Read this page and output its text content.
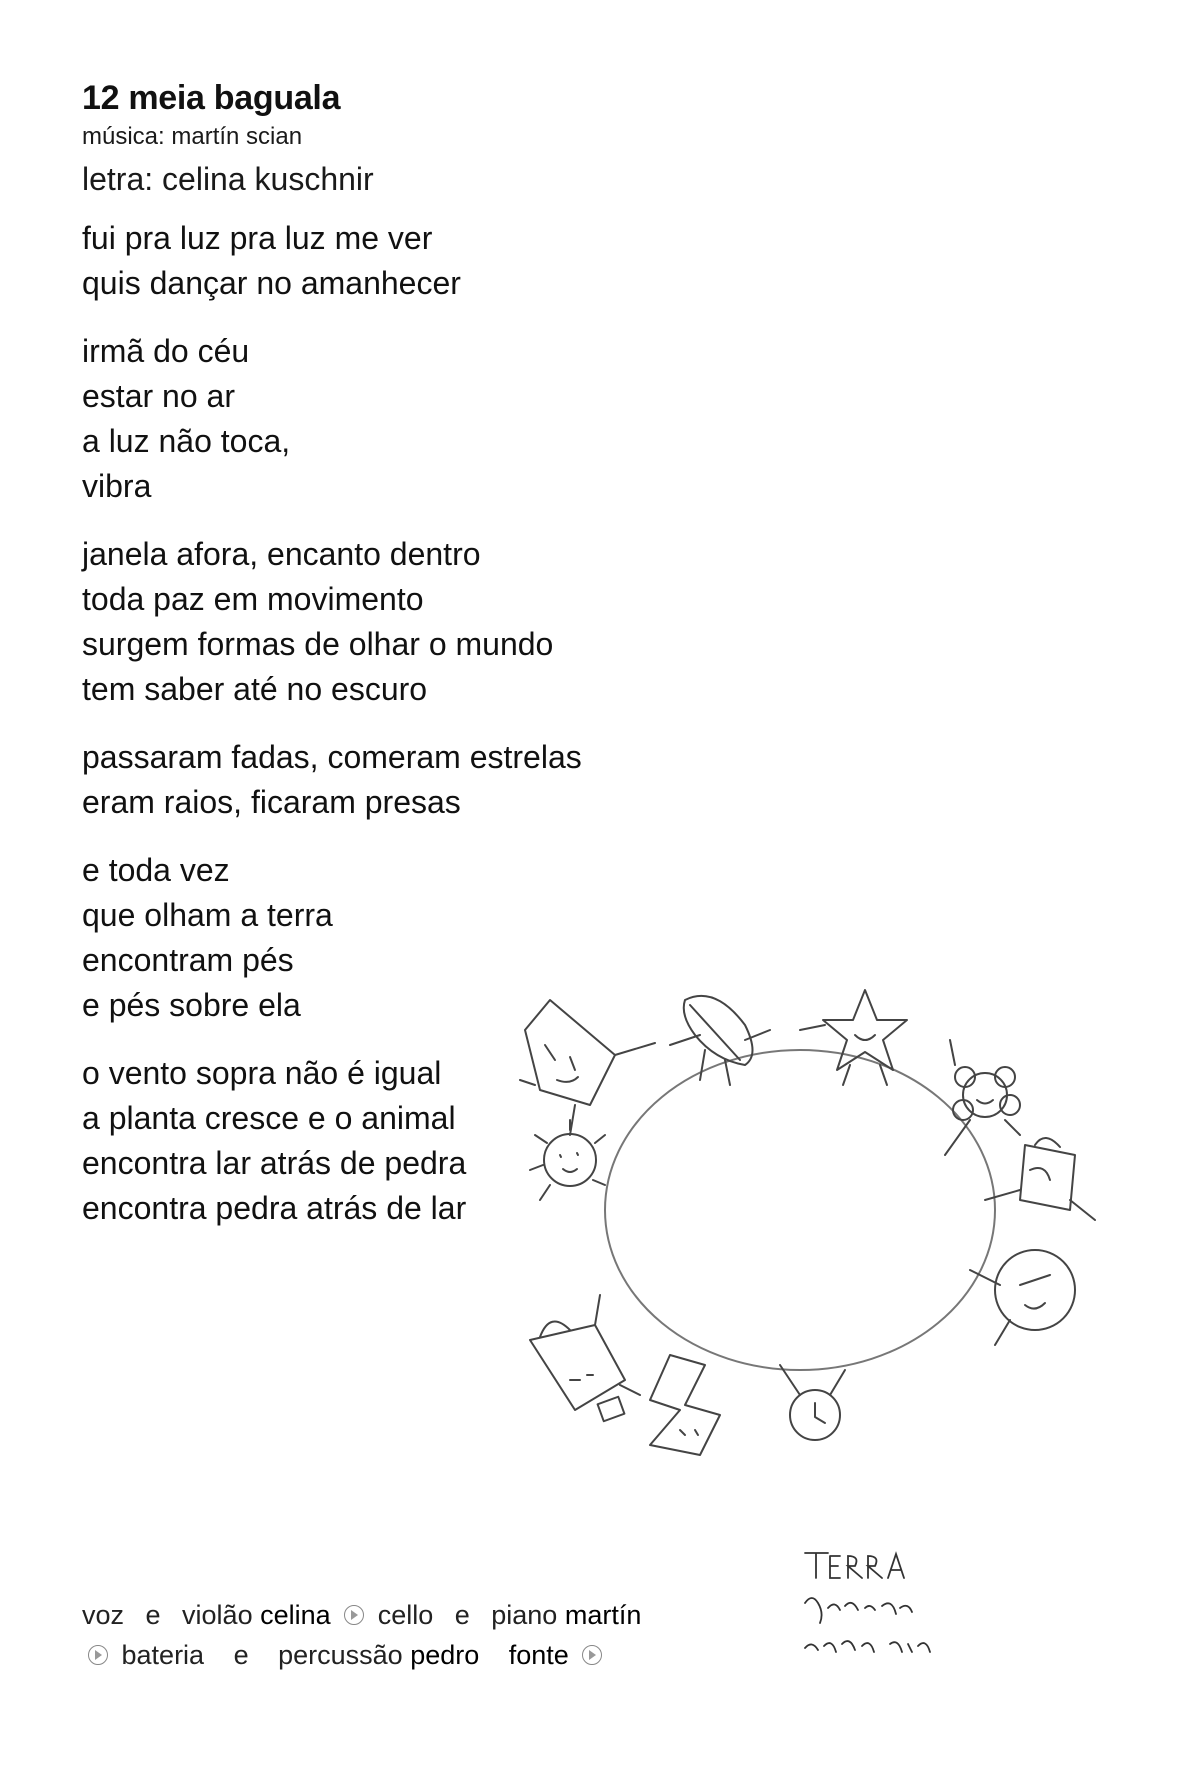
12 meia baguala
música: martín scian
letra: celina kuschnir

fui pra luz pra luz me ver
quis dançar no amanhecer

irmã do céu
estar no ar
a luz não toca,
vibra

janela afora, encanto dentro
toda paz em movimento
surgem formas de olhar o mundo
tem saber até no escuro

passaram fadas, comeram estrelas
eram raios, ficaram presas

e toda vez
que olham a terra
encontram pés
e pés sobre ela

o vento sopra não é igual
a planta cresce e o animal
encontra lar atrás de pedra
encontra pedra atrás de lar

voz e violão celina cello e piano martín
bateria e percussão pedro fonte
